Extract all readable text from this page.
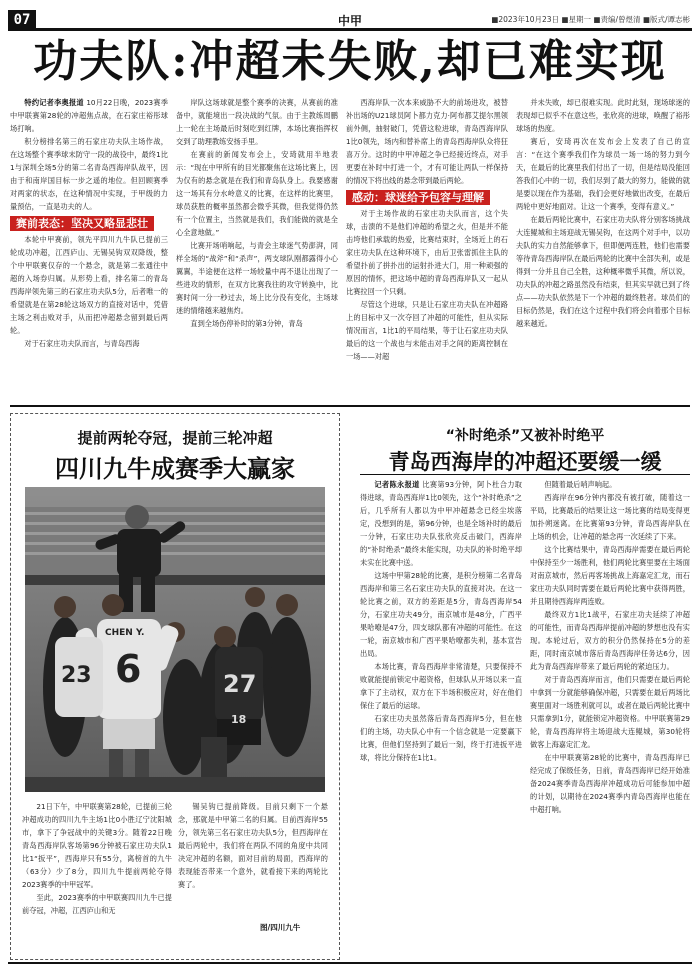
07	中甲	■2023年10月23日 ■星期一 ■责编/曾煜清 ■版式/谭志彬
功夫队:冲超未失败,却已难实现

特约记者李奥报道 10月22日晚，2023赛季中甲联赛第28轮的冲超焦点战，在石家庄裕彤球场打响。

积分榜排名第三的石家庄功夫队主场作战，在这场整个赛季球末防守一段的战役中，最终1比1与深圳全场5分的第二名青岛西海岸队战平，因由于和南岸国目标一步之遥的地位。但回顾赛季对两家的状态，在这种情况中实现，于甲级的力量预估，一直是功夫的人。

赛前表态：坚决又略显悲壮

本轮中甲赛前，领先平四川九牛队已提前三轮成功冲超，江西庐山、无锡吴钩双双降级，整个中甲联赛仅存的一个悬念，就是第二张通往中超的入场券归属。从形势上看，排名第二的青岛西海岸领先第三的石家庄功夫队5分，后者唯一的希望就是在第28轮这场双方的直接对话中，凭借主场之利击败对手，从而把冲超悬念留到最后两轮。

对于石家庄功夫队而言，与青岛西海

岸队这场球就是整个赛季的决赛，从赛前的准备中，就能境出一段决战的气氛。由于主教练周鹏上一轮在主场最后时刻吃到红牌，本场比赛指挥权交到了助理教练安扬手里。

在赛前的新闻发布会上，安琦就用半地表示：“现在中甲所有的目光都聚焦在这场比赛上，因为仅有的悬念就是在我们和青岛队身上。我要感谢这一场其有分水岭意义的比赛，在这样的比赛里，球员获胜的概率虽然都会微乎其微，但我觉得仍然有一个位置主，当然就是我们，我们能做的就是全心全意地做。”

比赛开场哨响起，与青会主球迷气势澎湃，同样全场的“战斧”和“杀声”，两支球队刚都露得小心翼翼，半途便在这样一场较量中再不退让出现了一些进攻的情形，在双方比赛我往的攻守转换中，比赛时间一分一秒过去，场上比分没有变化，主场球迷的情绪越来越焦灼。

直到全场伤停补时的第3分钟，青岛

西海岸队一次本来威胁不大的前场进攻，被替补出场的U21球员阿卜都力克力·阿布都艾提尔黑领前外侧，抽射破门，凭借这粒进球，青岛西海岸队1比0领先，场内和替补席上的青岛西海岸队众将狂喜万分。这时的中甲冲超之争已经接近终点，对手更要在补时中打进一个，才有可能让两队一样保持的情况下将出线的悬念带到最后两轮。

感动：球迷给予包容与理解

对于主场作战的石家庄功夫队而言，这个失球，击溃的不是他们冲超的希望之火，但是并不能击垮他们承载的热爱，比赛结束时，全场近上的石家庄功夫队在这种环境下，由后卫张雷抓住主队的希望扑前了拼扑出的运射扑进大门，用一种顽强的原因的情怀，把这场中超的青岛西海岸队又一起从比赛拉回一个只剩。

尽管这个进球，只是让石家庄功夫队在冲超路上的目标中又一次夺回了冲超的可能性，但从实际情况而言，1比1的平局结果，等于让石家庄功夫队最后的这一个战也与未能击对手之间的距离控制在一场——对超

并未失败，却已很难实现。此时此刻，现场球迷的表现却已似乎不在意这些，张欣亮的进球，唤醒了裕彤球场的热度。

赛后，安琦再次在发布会上发表了自己的宣言：“在这个赛季我们作为球员一场一场的努力到今天，在最后的比赛里我们付出了一切，但是结局没能回答我们心中的一切，我们尽到了最大的努力，能做的就是要以现在作为基础，我们会更好地做出改变，在最后两轮中更好地面对。让这一个赛季，变得有意义。”

在最后两轮比赛中，石家庄功夫队将分别客场挑战大连鲲城和主场迎战无锡吴钩，在这两个对手中，以功夫队的实力自然能够拿下，但即便两连胜，他们也需要等待青岛西海岸队在最后两轮的比赛中全部失利，或是得到一分并且自己全胜，这种概率微乎其微，所以说，功夫队的冲超之路虽然没有结束，但其实早就已到了终点——功夫队依然是下一个冲超的最终胜者。球员们的目标仍然是，我们在这个过程中我们将会向着那个目标越来越近。

提前两轮夺冠，提前三轮冲超
四川九牛成赛季大赢家
CHEN Y.
6
23	27
18

21日下午，中甲联赛第28轮，已提前三轮冲超成功的四川九牛主场1比0小胜辽宁沈阳城市，拿下了争冠战中的关键3分。随着22日晚青岛西海岸队客场第96分钟被石家庄功夫队1比1“扳平”，西海岸只有55分，离榜首的九牛（63分）少了8分，四川九牛提前两轮夺得2023赛季的中甲冠军。

至此，2023赛季的中甲联赛四川九牛已提前夺冠，冲超，江西庐山和无

锡吴钩已提前降级。目前只剩下一个悬念，那就是中甲第二名的归属。目前西海岸55分，领先第三名石家庄功夫队5分，但西海岸在最后两轮中，我们将在两队不同的角度中共同决定冲超的名额，面对目前的局面，西海岸的表现能否带来一个意外，就看接下来的两轮比赛了。

图/四川九牛
“补时绝杀”又被补时绝平
青岛西海岸的冲超还要缓一缓

记者陈永报道 比赛第93分钟，阿卜杜合力取得进球，青岛西海岸1比0领先，这个“补时绝杀”之后，几乎所有人都以为中甲冲超悬念已经尘埃落定，没想到的是，第96分钟，也是全场补时的最后一分钟，石家庄功夫队张欣亮反击破门，西海岸的“补时绝杀”最终未能实现，功夫队的补时绝平却未实在比赛中送。

这场中甲第28轮的比赛，是积分榜第二名青岛西海岸和第三名石家庄功夫队的直接对决。在这一轮比赛之前，双方的差距是5分，青岛西海岸54分，石家庄功夫49分，南京城市是48分，广西平果哈嘹是47分，四支球队都有冲超的可能性。在这一轮，南京城市和广西平果哈嘹都失利，基本宣告出局。

本场比赛，青岛西海岸非常清楚，只要保持不败就能提前锁定中超资格，但球队从开场以来一直拿下了主动权，双方在下半场积极应对，好在他们保住了最后的运球。

石家庄功夫虽然落后青岛西海岸5分，但在他们的主场，功夫队心中有一个信念就是一定要赢下比赛，但他们坚持到了最后一刻，终于打进扳平进球，将比分保持在1比1。

但随着最后哨声响起。

西海岸在96分钟内都没有被打破，随着这一平局，比赛最后的结果让这一场比赛的结局变得更加扑朔迷离。在比赛第93分钟，青岛西海岸队在上场的机会，让冲超的悬念再一次延续了下来。

这个比赛结果中，青岛西海岸需要在最后两轮中保持至少一场胜利，他们两轮比赛里要在主场面对南京城市，然后再客场挑战上海嘉定汇龙，而石家庄功夫队同时需要在最后两轮比赛中获得两胜，并且期待西海岸两连败。

最终双方1比1战平，石家庄功夫延续了冲超的可能性，而青岛西海岸提前冲超的梦想也没有实现。本轮过后，双方的积分仍然保持在5分的差距，同时南京城市落后青岛西海岸任务达6分，因此为青岛西海岸带来了最后两轮的紧迫压力。

对于青岛西海岸而言，他们只需要在最后两轮中拿到一分就能够确保冲超，只需要在最后两场比赛里面对一场胜利就可以，或者在最后两轮比赛中只需拿到1分，就能锁定冲超资格。中甲联赛第29轮，青岛西海岸将主场迎战大连鲲城，第30轮将做客上海嘉定汇龙。

在中甲联赛第28轮的比赛中，青岛西海岸已经完成了保级任务，日前，青岛西海岸已经开始准备2024赛季青岛西海岸冲超成功后可能参加中超的计划，以期待在2024赛季内青岛西海岸也能在中超打响。
